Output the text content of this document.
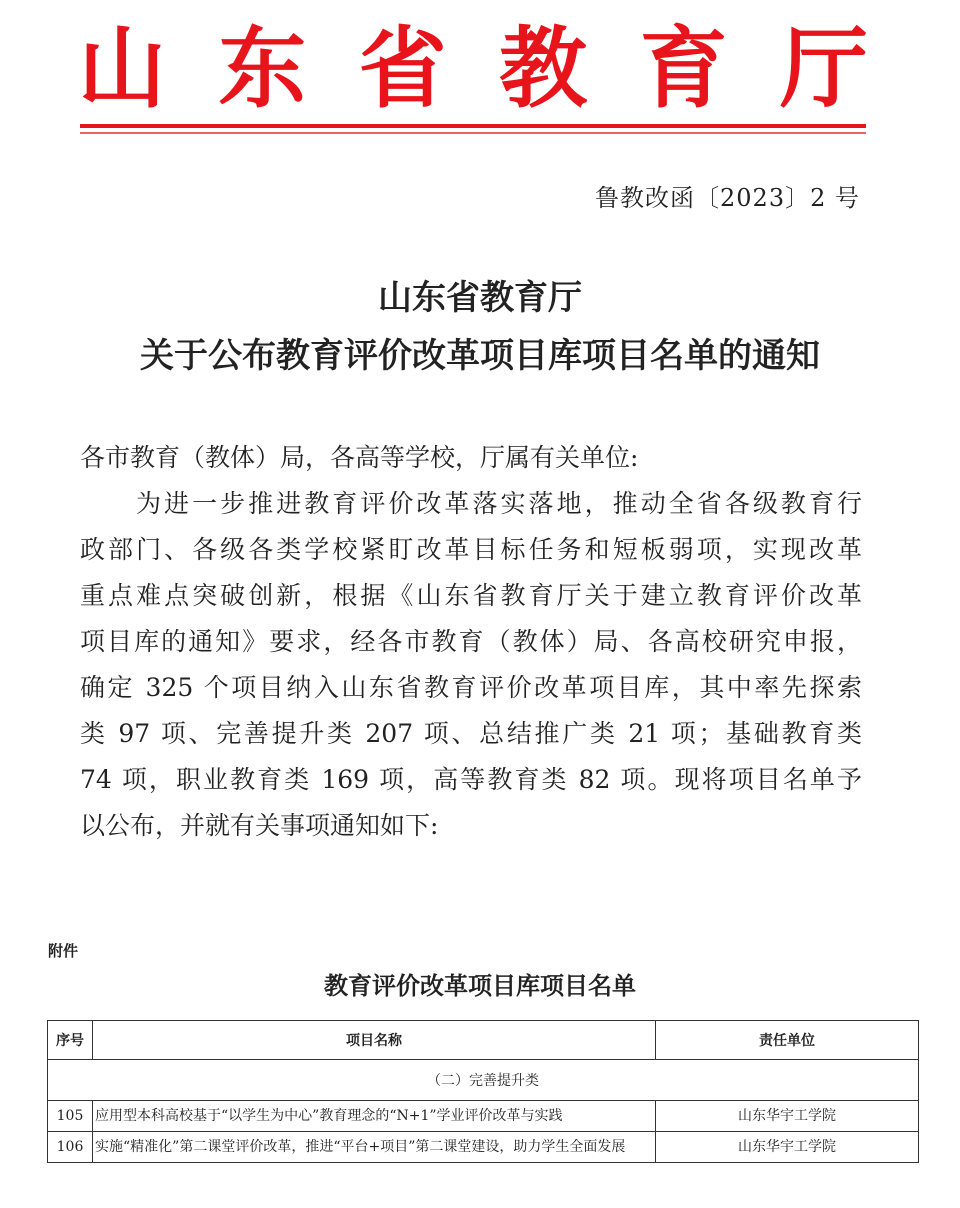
山 东 省 教 育 厅
鲁教改函〔2023〕2 号
山东省教育厅
关于公布教育评价改革项目库项目名单的通知
各市教育（教体）局，各高等学校，厅属有关单位:
为进一步推进教育评价改革落实落地，推动全省各级教育行
政部门、各级各类学校紧盯改革目标任务和短板弱项，实现改革
重点难点突破创新，根据《山东省教育厅关于建立教育评价改革
项目库的通知》要求，经各市教育（教体）局、各高校研究申报，
确定 325 个项目纳入山东省教育评价改革项目库，其中率先探索
类 97 项、完善提升类 207 项、总结推广类 21 项；基础教育类
74 项，职业教育类 169 项，高等教育类 82 项。现将项目名单予
以公布，并就有关事项通知如下:
附件
教育评价改革项目库项目名单
序号	项目名称	责任单位
（二）完善提升类		
105	应用型本科高校基于“以学生为中心”教育理念的“N+1”学业评价改革与实践	山东华宇工学院
106	实施“精准化”第二课堂评价改革，推进“平台+项目”第二课堂建设，助力学生全面发展	山东华宇工学院
